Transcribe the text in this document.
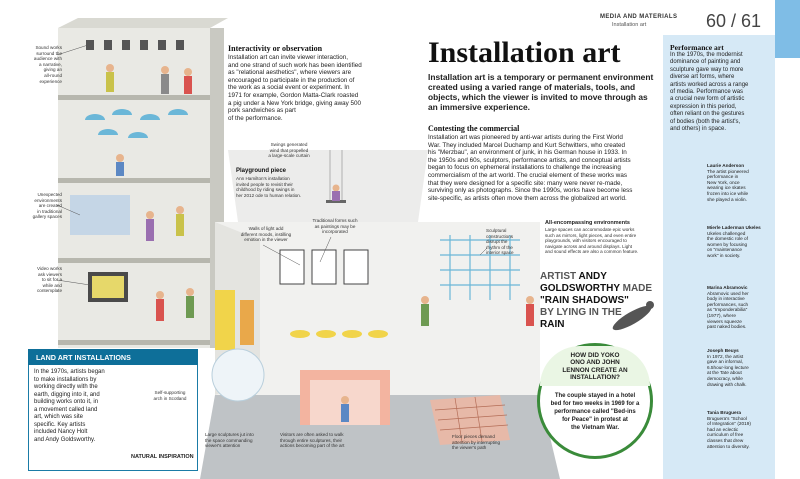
MEDIA AND MATERIALS
Installation art	60 / 61
Installation art
Installation art is a temporary or permanent environment created using a varied range of materials, tools, and objects, which the viewer is invited to move through as an immersive experience.
Contesting the commercial
Installation art was pioneered by anti-war artists during the First World
War. They included Marcel Duchamp and Kurt Schwitters, who created
his "Merzbau", an environment of junk, in his German house in 1933. In
the 1950s and 60s, sculptors, performance artists, and conceptual artists
began to focus on ephemeral installations to challenge the increasing
commercialism of the art world. The crucial element of these works was
that they were designed for a specific site: many were never re-made,
surviving only as photographs. Since the 1990s, works have become less
site-specific, as artists often move them across the globalized art world.
Interactivity or observation
Installation art can invite viewer interaction,
and one strand of such work has been identified
as "relational aesthetics", where viewers are
encouraged to participate in the production of
the work as a social event or experiment. In
1971 for example, Gordon Matta-Clark roasted
a pig under a New York bridge, giving away 500
pork sandwiches as part
of the performance.
Swings generated
wind that propelled
a large-scale curtain
Playground piece
Ann Hamilton's installation
invited people to revisit their
childhood by riding swings in
her 2012 ode to human relation.
Sound works
surround the
audience with
a narrative,
giving an
all-round
experience
Unexpected
environments
are created
in traditional
gallery spaces
Video works
ask viewers
to sit for a
while and
contemplate
Walls of light add
different moods, instilling
emotion in the viewer
Traditional forms such
as paintings may be
incorporated	Sculptural
constructions
disrupt the
rhythm of the
interior space
Large sculptures jut into
the space commanding
viewer's attention
Visitors are often asked to walk
through entire sculptures, their
actions becoming part of the art
Floor pieces demand
attention by interrupting
the viewer's path
All-encompassing environments
Large spaces can accommodate epic works
such as mirrors, light pieces, and even entire
playgrounds, with visitors encouraged to
navigate across and around displays. Light
and sound effects are also a common feature.
ARTIST ANDY
GOLDSWORTHY MADE
"RAIN SHADOWS"
BY LYING IN THE
RAIN
LAND ART INSTALLATIONS
In the 1970s, artists began
to make installations by
working directly with the
earth, digging into it, and
building works onto it, in
a movement called land
art, which was site
specific. Key artists
included Nancy Holt
and Andy Goldsworthy.
Self-supporting
arch in Scotland
NATURAL INSPIRATION
HOW DID YOKO
ONO AND JOHN
LENNON CREATE AN
INSTALLATION?
The couple stayed in a hotel
bed for two weeks in 1969 for a
performance called "Bed-ins
for Peace" in protest at
the Vietnam War.
Performance art
In the 1970s, the modernist
dominance of painting and
sculpture gave way to more
diverse art forms, where
artists worked across a range
of media. Performance was
a crucial new form of artistic
expression in this period,
often reliant on the gestures
of bodies (both the artist's,
and others) in space.
Laurie Anderson
The artist pioneered
performance in
New York, once
wearing ice skates
frozen into ice while
she played a violin.
Mierle Laderman Ukeles
Ukeles challenged
the domestic role of
women by focusing
on "maintenance
work" in society.
Marina Abramovic
Abramovic used her
body in interactive
performances, such
as "Imponderabilia"
(1977), where
viewers squeeze
past naked bodies.
Joseph Beuys
In 1972, the artist
gave an informal,
6.5hour-long lecture
at the Tate about
democracy, while
drawing with chalk.
Tania Bruguera
Bruguera's "School
of Integration" (2019)
had an eclectic
curriculum of free
classes that drew
attention to diversity.
